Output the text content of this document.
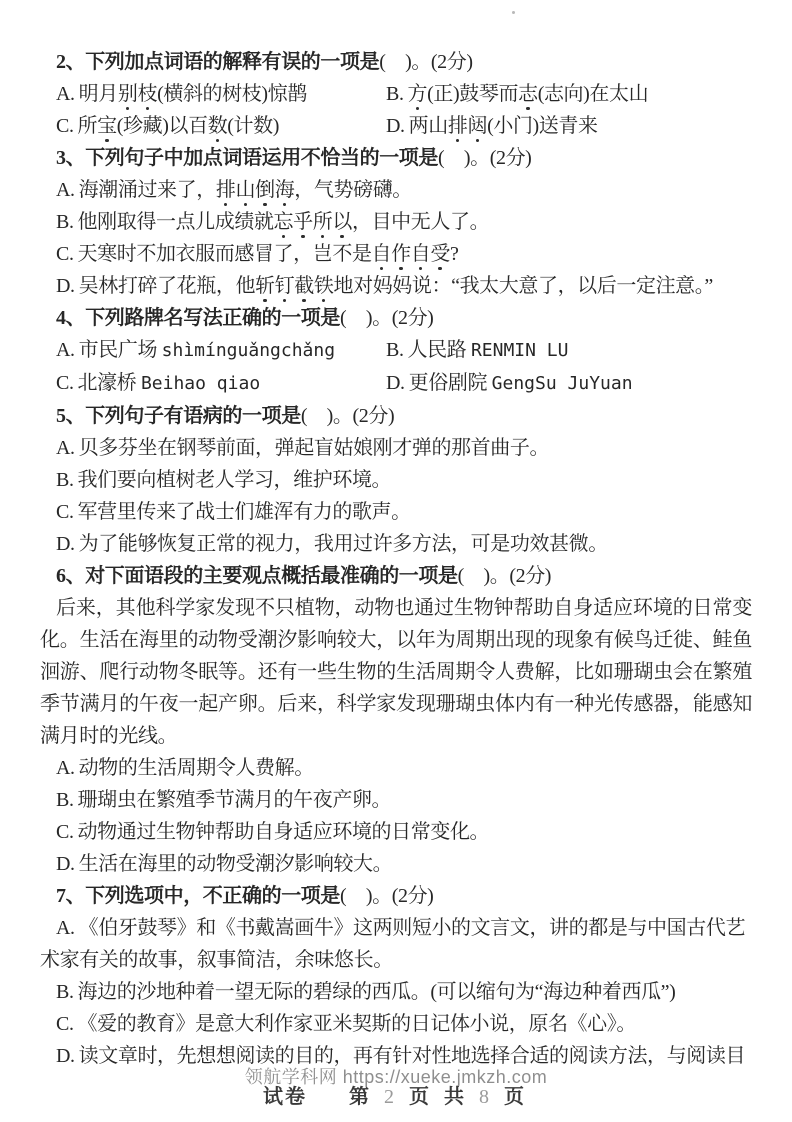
2、下列加点词语的解释有误的一项是(　)。(2分)

A. 明月别枝(横斜的树枝)惊鹊	B. 方(正)鼓琴而志(志向)在太山

C. 所宝(珍藏)以百数(计数)	D. 两山排闼(小门)送青来

3、下列句子中加点词语运用不恰当的一项是(　)。(2分)

A. 海潮涌过来了，排山倒海，气势磅礴。

B. 他刚取得一点儿成绩就忘乎所以，目中无人了。

C. 天寒时不加衣服而感冒了，岂不是自作自受?

D. 吴林打碎了花瓶，他斩钉截铁地对妈妈说：“我太大意了，以后一定注意。”

4、下列路牌名写法正确的一项是(　)。(2分)

A. 市民广场 shìmínguǎngchǎng	B. 人民路 RENMIN LU

C. 北濠桥 Beihao qiao	D. 更俗剧院 GengSu JuYuan

5、下列句子有语病的一项是(　)。(2分)

A. 贝多芬坐在钢琴前面，弹起盲姑娘刚才弹的那首曲子。

B. 我们要向植树老人学习，维护环境。

C. 军营里传来了战士们雄浑有力的歌声。

D. 为了能够恢复正常的视力，我用过许多方法，可是功效甚微。

6、对下面语段的主要观点概括最准确的一项是(　)。(2分)

后来，其他科学家发现不只植物，动物也通过生物钟帮助自身适应环境的日常变化。生活在海里的动物受潮汐影响较大，以年为周期出现的现象有候鸟迁徙、鲑鱼洄游、爬行动物冬眠等。还有一些生物的生活周期令人费解，比如珊瑚虫会在繁殖季节满月的午夜一起产卵。后来，科学家发现珊瑚虫体内有一种光传感器，能感知满月时的光线。

A. 动物的生活周期令人费解。

B. 珊瑚虫在繁殖季节满月的午夜产卵。

C. 动物通过生物钟帮助自身适应环境的日常变化。

D. 生活在海里的动物受潮汐影响较大。

7、下列选项中，不正确的一项是(　)。(2分)

A. 《伯牙鼓琴》和《书戴嵩画牛》这两则短小的文言文，讲的都是与中国古代艺术家有关的故事，叙事简洁，余味悠长。

B. 海边的沙地种着一望无际的碧绿的西瓜。(可以缩句为“海边种着西瓜”)

C. 《爱的教育》是意大利作家亚米契斯的日记体小说，原名《心》。

D. 读文章时，先想想阅读的目的，再有针对性地选择合适的阅读方法，与阅读目

领航学科网 https://xueke.jmkzh.com
试卷 第 2 页 共 8 页
